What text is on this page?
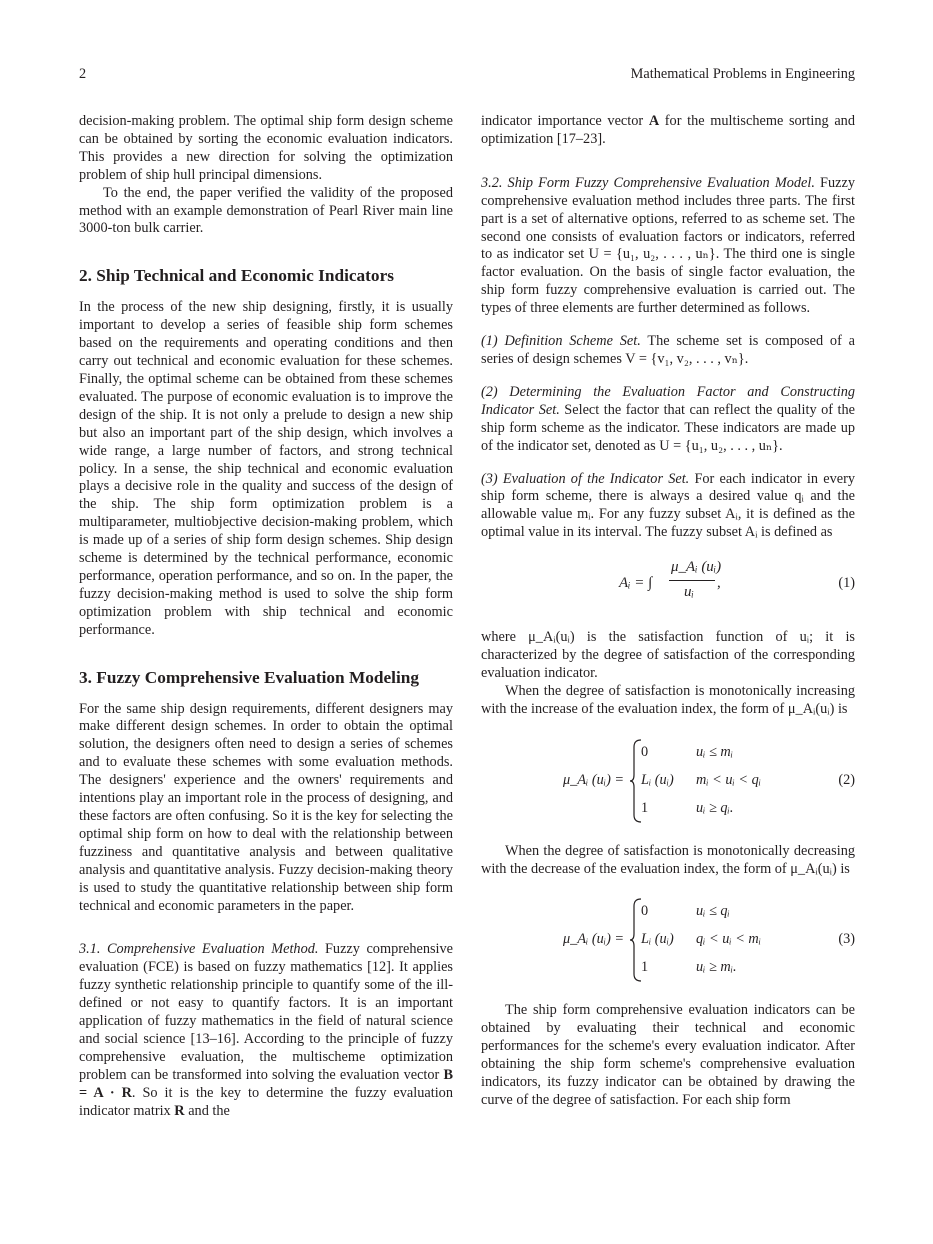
2	Mathematical Problems in Engineering

decision-making problem. The optimal ship form design scheme can be obtained by sorting the economic evaluation indicators. This provides a new direction for solving the optimization problem of ship hull principal dimensions.

To the end, the paper verified the validity of the proposed method with an example demonstration of Pearl River main line 3000-ton bulk carrier.

2. Ship Technical and Economic Indicators

In the process of the new ship designing, firstly, it is usually important to develop a series of feasible ship form schemes based on the requirements and operating conditions and then carry out technical and economic evaluation for these schemes. Finally, the optimal scheme can be obtained from these schemes evaluated. The purpose of economic evaluation is to improve the design of the ship. It is not only a prelude to design a new ship but also an important part of the ship design, which involves a wide range, a large number of factors, and strong technical policy. In a sense, the ship technical and economic evaluation plays a decisive role in the quality and success of the design of the ship. The ship form optimization problem is a multiparameter, multiobjective decision-making problem, which is made up of a series of ship form design schemes. Ship design scheme is determined by the technical performance, economic performance, operation performance, and so on. In the paper, the fuzzy decision-making method is used to solve the ship form optimization problem with ship technical and economic performance.

3. Fuzzy Comprehensive Evaluation Modeling

For the same ship design requirements, different designers may make different design schemes. In order to obtain the optimal solution, the designers often need to design a series of schemes and to evaluate these schemes with some evaluation methods. The designers' experience and the owners' requirements and intentions play an important role in the process of designing, and these factors are often confusing. So it is the key for selecting the optimal ship form on how to deal with the relationship between fuzziness and quantitative analysis and between qualitative analysis and quantitative analysis. Fuzzy decision-making theory is used to study the quantitative relationship between ship form technical and economic parameters in the paper.

3.1. Comprehensive Evaluation Method. Fuzzy comprehensive evaluation (FCE) is based on fuzzy mathematics [12]. It applies fuzzy synthetic relationship principle to quantify some of the ill-defined or not easy to quantify factors. It is an important application of fuzzy mathematics in the field of natural science and social science [13–16]. According to the principle of fuzzy comprehensive evaluation, the multischeme optimization problem can be transformed into solving the evaluation vector B = A · R. So it is the key to determine the fuzzy evaluation indicator matrix R and the

indicator importance vector A for the multischeme sorting and optimization [17–23].

3.2. Ship Form Fuzzy Comprehensive Evaluation Model. Fuzzy comprehensive evaluation method includes three parts. The first part is a set of alternative options, referred to as scheme set. The second one consists of evaluation factors or indicators, referred to as indicator set U = {u₁, u₂, . . . , uₙ}. The third one is single factor evaluation. On the basis of single factor evaluation, the ship form fuzzy comprehensive evaluation is carried out. The types of three elements are further determined as follows.

(1) Definition Scheme Set. The scheme set is composed of a series of design schemes V = {v₁, v₂, . . . , vₙ}.

(2) Determining the Evaluation Factor and Constructing Indicator Set. Select the factor that can reflect the quality of the ship form scheme as the indicator. These indicators are made up of the indicator set, denoted as U = {u₁, u₂, . . . , uₙ}.

(3) Evaluation of the Indicator Set. For each indicator in every ship form scheme, there is always a desired value qᵢ and the allowable value mᵢ. For any fuzzy subset Aᵢ, it is defined as the optimal value in its interval. The fuzzy subset Aᵢ is defined as

Aᵢ = ∫
μ_Aᵢ (uᵢ)
uᵢ
,	(1)

where μ_Aᵢ(uᵢ) is the satisfaction function of uᵢ; it is characterized by the degree of satisfaction of the corresponding evaluation indicator.

When the degree of satisfaction is monotonically increasing with the increase of the evaluation index, the form of μ_Aᵢ(uᵢ) is

μ_Aᵢ (uᵢ) =
0	uᵢ ≤ mᵢ
Lᵢ (uᵢ) mᵢ < uᵢ < qᵢ
1	uᵢ ≥ qᵢ.
(2)

When the degree of satisfaction is monotonically decreasing with the decrease of the evaluation index, the form of μ_Aᵢ(uᵢ) is

μ_Aᵢ (uᵢ) =
0	uᵢ ≤ qᵢ
Lᵢ (uᵢ) qᵢ < uᵢ < mᵢ
1	uᵢ ≥ mᵢ.
(3)

The ship form comprehensive evaluation indicators can be obtained by evaluating their technical and economic performances for the scheme's every evaluation indicator. After obtaining the ship form scheme's comprehensive evaluation indicators, its fuzzy indicator can be obtained by drawing the curve of the degree of satisfaction. For each ship form
